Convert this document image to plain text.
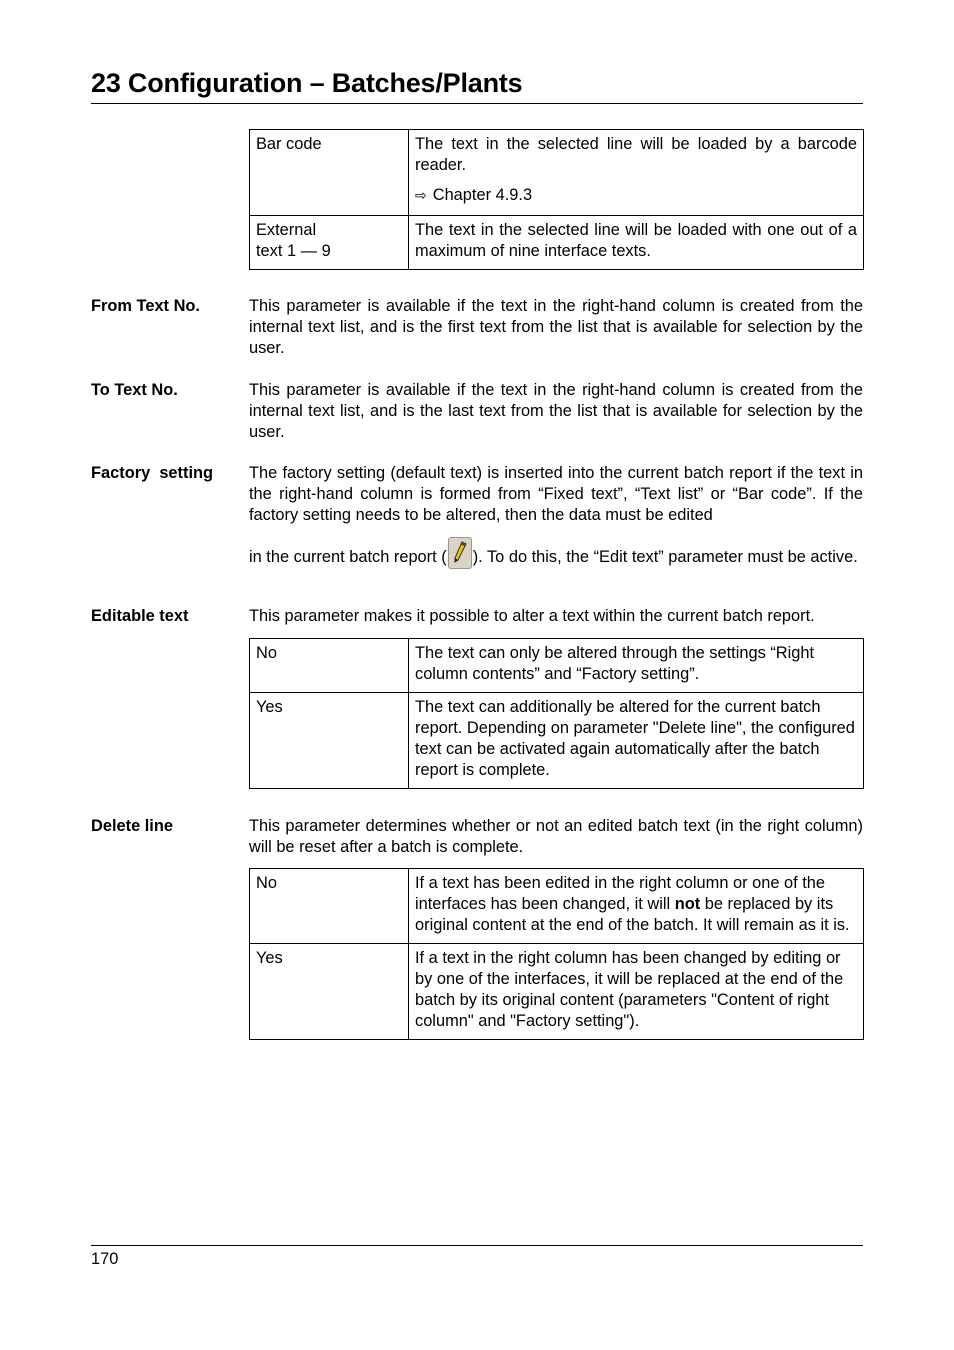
23 Configuration – Batches/Plants
Bar code	The text in the selected line will be loaded by a barcode reader.

⇨ Chapter 4.9.3

External

text 1 — 9	The text in the selected line will be loaded with one out of a maximum of nine interface texts.
From Text No.	This parameter is available if the text in the right-hand column is created from the internal text list, and is the first text from the list that is available for selection by the user.
To Text No.	This parameter is available if the text in the right-hand column is created from the internal text list, and is the last text from the list that is available for selection by the user.
Factory  setting The factory setting (default text) is inserted into the current batch report if the text in the right-hand column is formed from “Fixed text”, “Text list” or “Bar code”. If the factory setting needs to be altered, then the data must be edited

in the current batch report ( ). To do this, the “Edit text” parameter must be active.

Editable text	This parameter makes it possible to alter a text within the current batch report.
No	The text can only be altered through the settings “Right column contents” and “Factory setting”.
Yes	The text can additionally be altered for the current batch report. Depending on parameter "Delete line", the configured text can be activated again automatically after the batch report is complete.
Delete line	This parameter determines whether or not an edited batch text (in the right column) will be reset after a batch is complete.
No	If a text has been edited in the right column or one of the interfaces has been changed, it will not be replaced by its original content at the end of the batch. It will remain as it is.
Yes	If a text in the right column has been changed by editing or by one of the interfaces, it will be replaced at the end of the batch by its original content (parameters "Content of right column" and "Factory setting").
170
